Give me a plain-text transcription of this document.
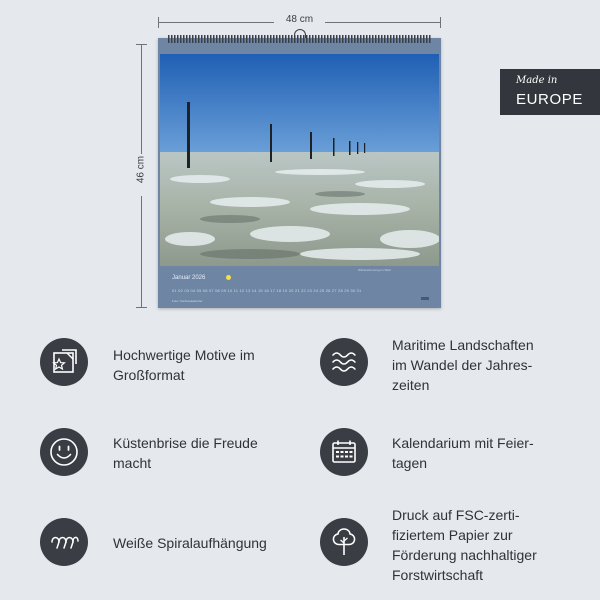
48 cm
46 cm
Winterstimmung im Watt
Januar 2026
01 02 03 04 05 06 07 08 09 10 11 12 13 14 15 16 17 18 19 20 21 22 23 24 25 26 27 28 29 30 31
Foto: Nordseekalender
Made in
EUROPE
Hochwertige Motive im
Großformat
Maritime Landschaften
im Wandel der Jahres-
zeiten
Küstenbrise die Freude
macht
Kalendarium mit Feier-
tagen
Weiße Spiralaufhängung
Druck auf FSC-zerti-
fiziertem Papier zur
Förderung nachhaltiger
Forstwirtschaft
